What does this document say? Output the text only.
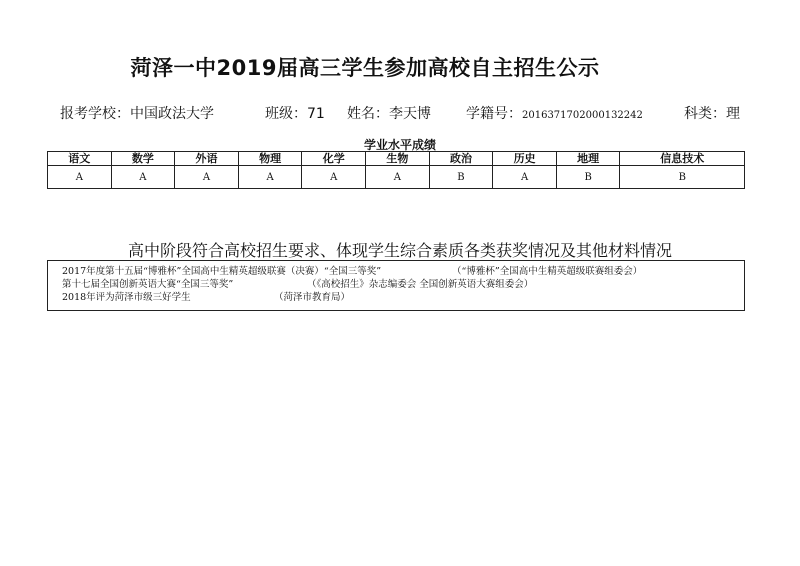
菏泽一中2019届高三学生参加高校自主招生公示
报考学校：中国政法大学	班级：71 姓名：李天博	学籍号：2016371702000132242	科类：理
学业水平成绩
语文	数学	外语	物理	化学	生物	政治	历史	地理	信息技术
A	A	A	A	A	A	B	A	B	B
高中阶段符合高校招生要求、体现学生综合素质各类获奖情况及其他材料情况
2017年度第十五届“博雅杯”全国高中生精英超级联赛（决赛）“全国三等奖”	（“博雅杯”全国高中生精英超级联赛组委会）
第十七届全国创新英语大赛“全国三等奖”	（《高校招生》杂志编委会 全国创新英语大赛组委会）
2018年评为菏泽市级三好学生	（菏泽市教育局）
